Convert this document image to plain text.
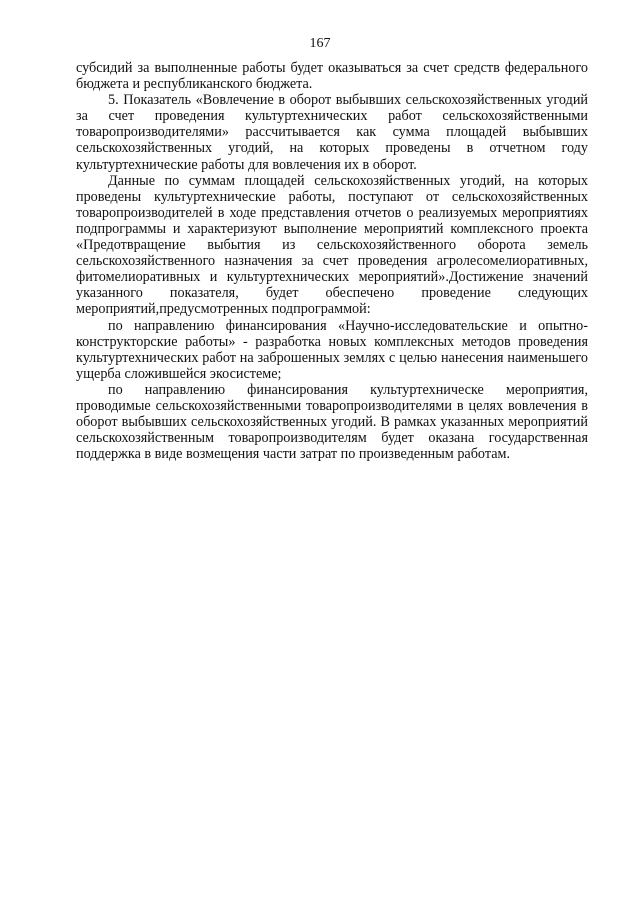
167

субсидий за выполненные работы будет оказываться за счет средств федерального бюджета и республиканского бюджета.

5. Показатель «Вовлечение в оборот выбывших сельскохозяйственных угодий за счет проведения культуртехнических работ сельскохозяйственными товаропроизводителями» рассчитывается как сумма площадей выбывших сельскохозяйственных угодий, на которых проведены в отчетном году культуртехнические работы для вовлечения их в оборот.

Данные по суммам площадей сельскохозяйственных угодий, на которых проведены культуртехнические работы, поступают от сельскохозяйственных товаропроизводителей в ходе представления отчетов о реализуемых мероприятиях подпрограммы и характеризуют выполнение мероприятий комплексного проекта «Предотвращение выбытия из сельскохозяйственного оборота земель сельскохозяйственного назначения за счет проведения агролесомелиоративных, фитомелиоративных и культуртехнических мероприятий».Достижение значений указанного показателя, будет обеспечено проведение следующих мероприятий,предусмотренных подпрограммой:

по направлению финансирования «Научно-исследовательские и опытно-конструкторские работы» - разработка новых комплексных методов проведения культуртехнических работ на заброшенных землях с целью нанесения наименьшего ущерба сложившейся экосистеме;

по направлению финансирования культуртехническе мероприятия, проводимые сельскохозяйственными товаропроизводителями в целях вовлечения в оборот выбывших сельскохозяйственных угодий. В рамках указанных мероприятий сельскохозяйственным товаропроизводителям будет оказана государственная поддержка в виде возмещения части затрат по произведенным работам.
